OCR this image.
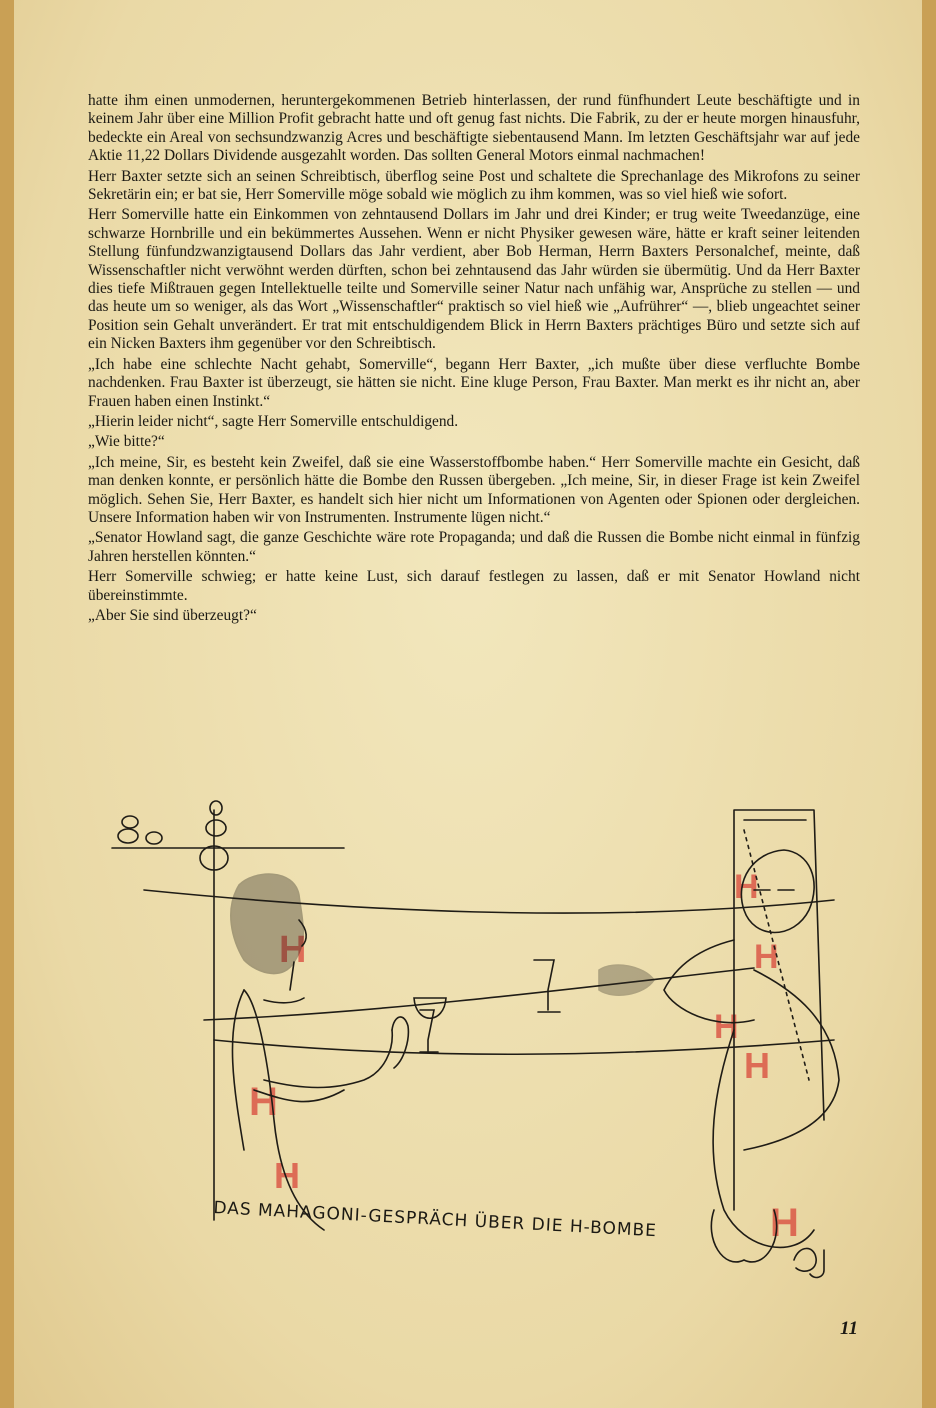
hatte ihm einen unmodernen, heruntergekommenen Betrieb hinterlassen, der rund fünfhundert Leute beschäftigte und in keinem Jahr über eine Million Profit gebracht hatte und oft genug fast nichts. Die Fabrik, zu der er heute morgen hinausfuhr, bedeckte ein Areal von sechsundzwanzig Acres und beschäftigte siebentausend Mann. Im letzten Geschäftsjahr war auf jede Aktie 11,22 Dollars Dividende ausgezahlt worden. Das sollten General Motors einmal nachmachen!

Herr Baxter setzte sich an seinen Schreibtisch, überflog seine Post und schaltete die Sprechanlage des Mikrofons zu seiner Sekretärin ein; er bat sie, Herr Somerville möge sobald wie möglich zu ihm kommen, was so viel hieß wie sofort.

Herr Somerville hatte ein Einkommen von zehntausend Dollars im Jahr und drei Kinder; er trug weite Tweedanzüge, eine schwarze Hornbrille und ein bekümmertes Aussehen. Wenn er nicht Physiker gewesen wäre, hätte er kraft seiner leitenden Stellung fünfundzwanzigtausend Dollars das Jahr verdient, aber Bob Herman, Herrn Baxters Personalchef, meinte, daß Wissenschaftler nicht verwöhnt werden dürften, schon bei zehntausend das Jahr würden sie übermütig. Und da Herr Baxter dies tiefe Mißtrauen gegen Intellektuelle teilte und Somerville seiner Natur nach unfähig war, Ansprüche zu stellen — und das heute um so weniger, als das Wort „Wissenschaftler“ praktisch so viel hieß wie „Aufrührer“ —, blieb ungeachtet seiner Position sein Gehalt unverändert. Er trat mit entschuldigendem Blick in Herrn Baxters prächtiges Büro und setzte sich auf ein Nicken Baxters ihm gegenüber vor den Schreibtisch.

„Ich habe eine schlechte Nacht gehabt, Somerville“, begann Herr Baxter, „ich mußte über diese verfluchte Bombe nachdenken. Frau Baxter ist überzeugt, sie hätten sie nicht. Eine kluge Person, Frau Baxter. Man merkt es ihr nicht an, aber Frauen haben einen Instinkt.“

„Hierin leider nicht“, sagte Herr Somerville entschuldigend.

„Wie bitte?“

„Ich meine, Sir, es besteht kein Zweifel, daß sie eine Wasserstoffbombe haben.“ Herr Somerville machte ein Gesicht, daß man denken konnte, er persönlich hätte die Bombe den Russen übergeben. „Ich meine, Sir, in dieser Frage ist kein Zweifel möglich. Sehen Sie, Herr Baxter, es handelt sich hier nicht um Informationen von Agenten oder Spionen oder dergleichen. Unsere Information haben wir von Instrumenten. Instrumente lügen nicht.“

„Senator Howland sagt, die ganze Geschichte wäre rote Propaganda; und daß die Russen die Bombe nicht einmal in fünfzig Jahren herstellen könnten.“

Herr Somerville schwieg; er hatte keine Lust, sich darauf festlegen zu lassen, daß er mit Senator Howland nicht übereinstimmte.

„Aber Sie sind überzeugt?“

H
H
H
H
H
H
H
H
DAS MAHAGONI-GESPRÄCH ÜBER DIE H-BOMBE
11
